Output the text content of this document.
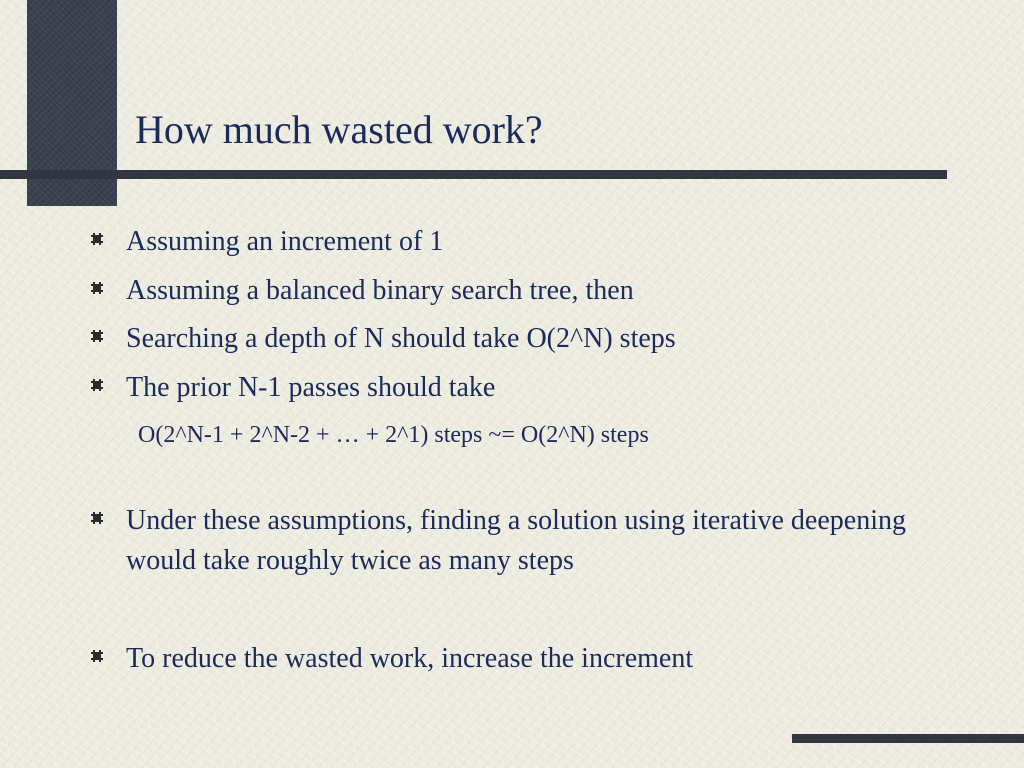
How much wasted work?
Assuming an increment of 1
Assuming a balanced binary search tree, then
Searching a depth of N should take O(2^N) steps
The prior N-1 passes should take
O(2^N-1 + 2^N-2 + … + 2^1) steps ~= O(2^N) steps
Under these assumptions, finding a solution using iterative deepening would take roughly twice as many steps
To reduce the wasted work, increase the increment
